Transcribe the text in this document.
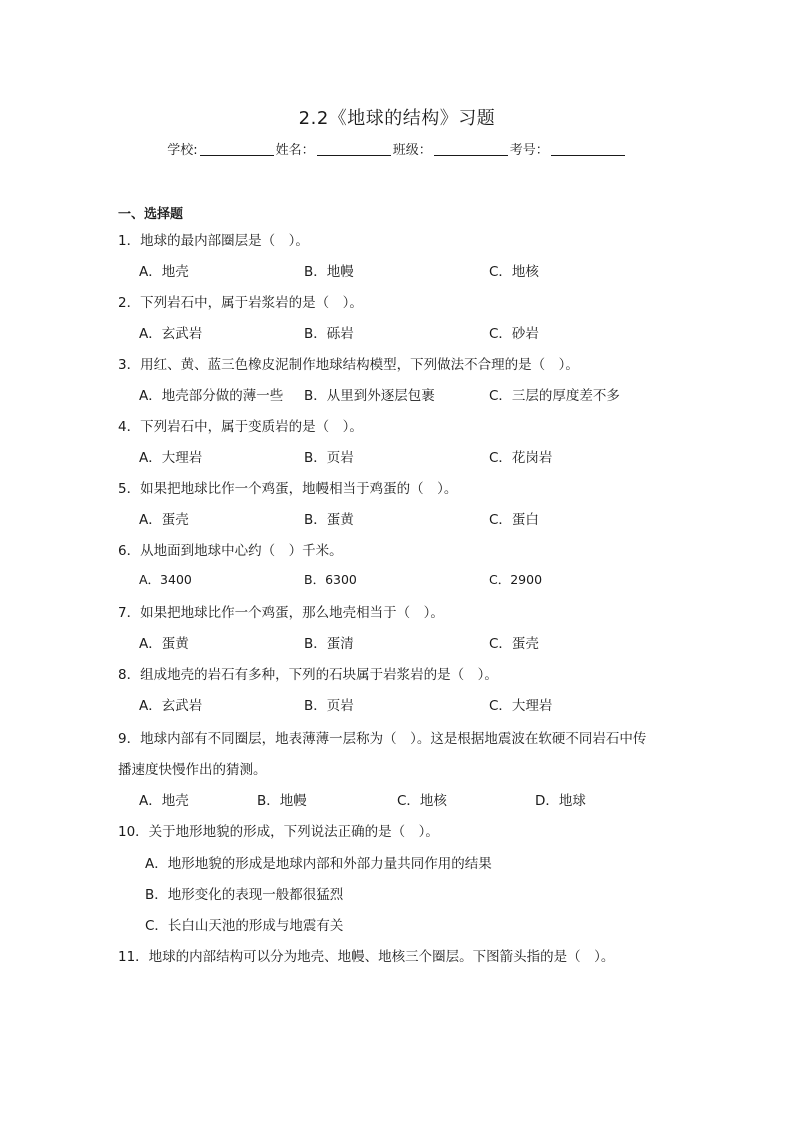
2.2《地球的结构》习题
学校:	姓名：	班级：	考号：
一、选择题
1．地球的最内部圈层是（　）。
A．地壳	B．地幔	C．地核
2．下列岩石中，属于岩浆岩的是（　）。
A．玄武岩	B．砾岩	C．砂岩
3．用红、黄、蓝三色橡皮泥制作地球结构模型，下列做法不合理的是（　）。
A．地壳部分做的薄一些 B．从里到外逐层包裹	C．三层的厚度差不多
4．下列岩石中，属于变质岩的是（　）。
A．大理岩	B．页岩	C．花岗岩
5．如果把地球比作一个鸡蛋，地幔相当于鸡蛋的（　）。
A．蛋壳	B．蛋黄	C．蛋白
6．从地面到地球中心约（　）千米。
A．3400	B．6300	C．2900
7．如果把地球比作一个鸡蛋，那么地壳相当于（　）。
A．蛋黄	B．蛋清	C．蛋壳
8．组成地壳的岩石有多种，下列的石块属于岩浆岩的是（　）。
A．玄武岩	B．页岩	C．大理岩
9．地球内部有不同圈层，地表薄薄一层称为（　）。这是根据地震波在软硬不同岩石中传
播速度快慢作出的猜测。
A．地壳	B．地幔	C．地核	D．地球
10．关于地形地貌的形成，下列说法正确的是（　）。
A．地形地貌的形成是地球内部和外部力量共同作用的结果
B．地形变化的表现一般都很猛烈
C．长白山天池的形成与地震有关
11．地球的内部结构可以分为地壳、地幔、地核三个圈层。下图箭头指的是（　）。
